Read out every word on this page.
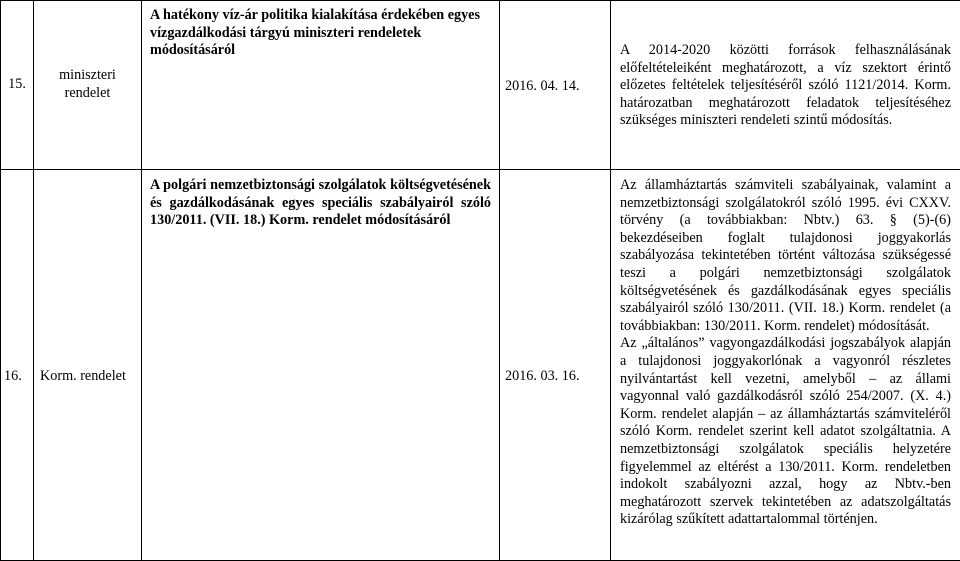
15.	miniszteri rendelet	A hatékony víz-ár politika kialakítása érdekében egyes vízgazdálkodási tárgyú miniszteri rendeletek módosításáról	2016. 04. 14.	A 2014-2020 közötti források felhasználásának előfeltételeiként meghatározott, a víz szektort érintő előzetes feltételek teljesítéséről szóló 1121/2014. Korm. határozatban meghatározott feladatok teljesítéséhez szükséges miniszteri rendeleti szintű módosítás.

16.	Korm. rendelet	A polgári nemzetbiztonsági szolgálatok költségvetésének és gazdálkodásának egyes speciális szabályairól szóló 130/2011. (VII. 18.) Korm. rendelet módosításáról	2016. 03. 16.	Az államháztartás számviteli szabályainak, valamint a nemzetbiztonsági szolgálatokról szóló 1995. évi CXXV. törvény (a továbbiakban: Nbtv.) 63. § (5)-(6) bekezdéseiben foglalt tulajdonosi joggyakorlás szabályozása tekintetében történt változása szükségessé teszi a polgári nemzetbiztonsági szolgálatok költségvetésének és gazdálkodásának egyes speciális szabályairól szóló 130/2011. (VII. 18.) Korm. rendelet (a továbbiakban: 130/2011. Korm. rendelet) módosítását.

Az „általános” vagyongazdálkodási jogszabályok alapján a tulajdonosi joggyakorlónak a vagyonról részletes nyilvántartást kell vezetni, amelyből – az állami vagyonnal való gazdálkodásról szóló 254/2007. (X. 4.) Korm. rendelet alapján – az államháztartás számviteléről szóló Korm. rendelet szerint kell adatot szolgáltatnia. A nemzetbiztonsági szolgálatok speciális helyzetére figyelemmel az eltérést a 130/2011. Korm. rendeletben indokolt szabályozni azzal, hogy az Nbtv.-ben meghatározott szervek tekintetében az adatszolgáltatás kizárólag szűkített adattartalommal történjen.
